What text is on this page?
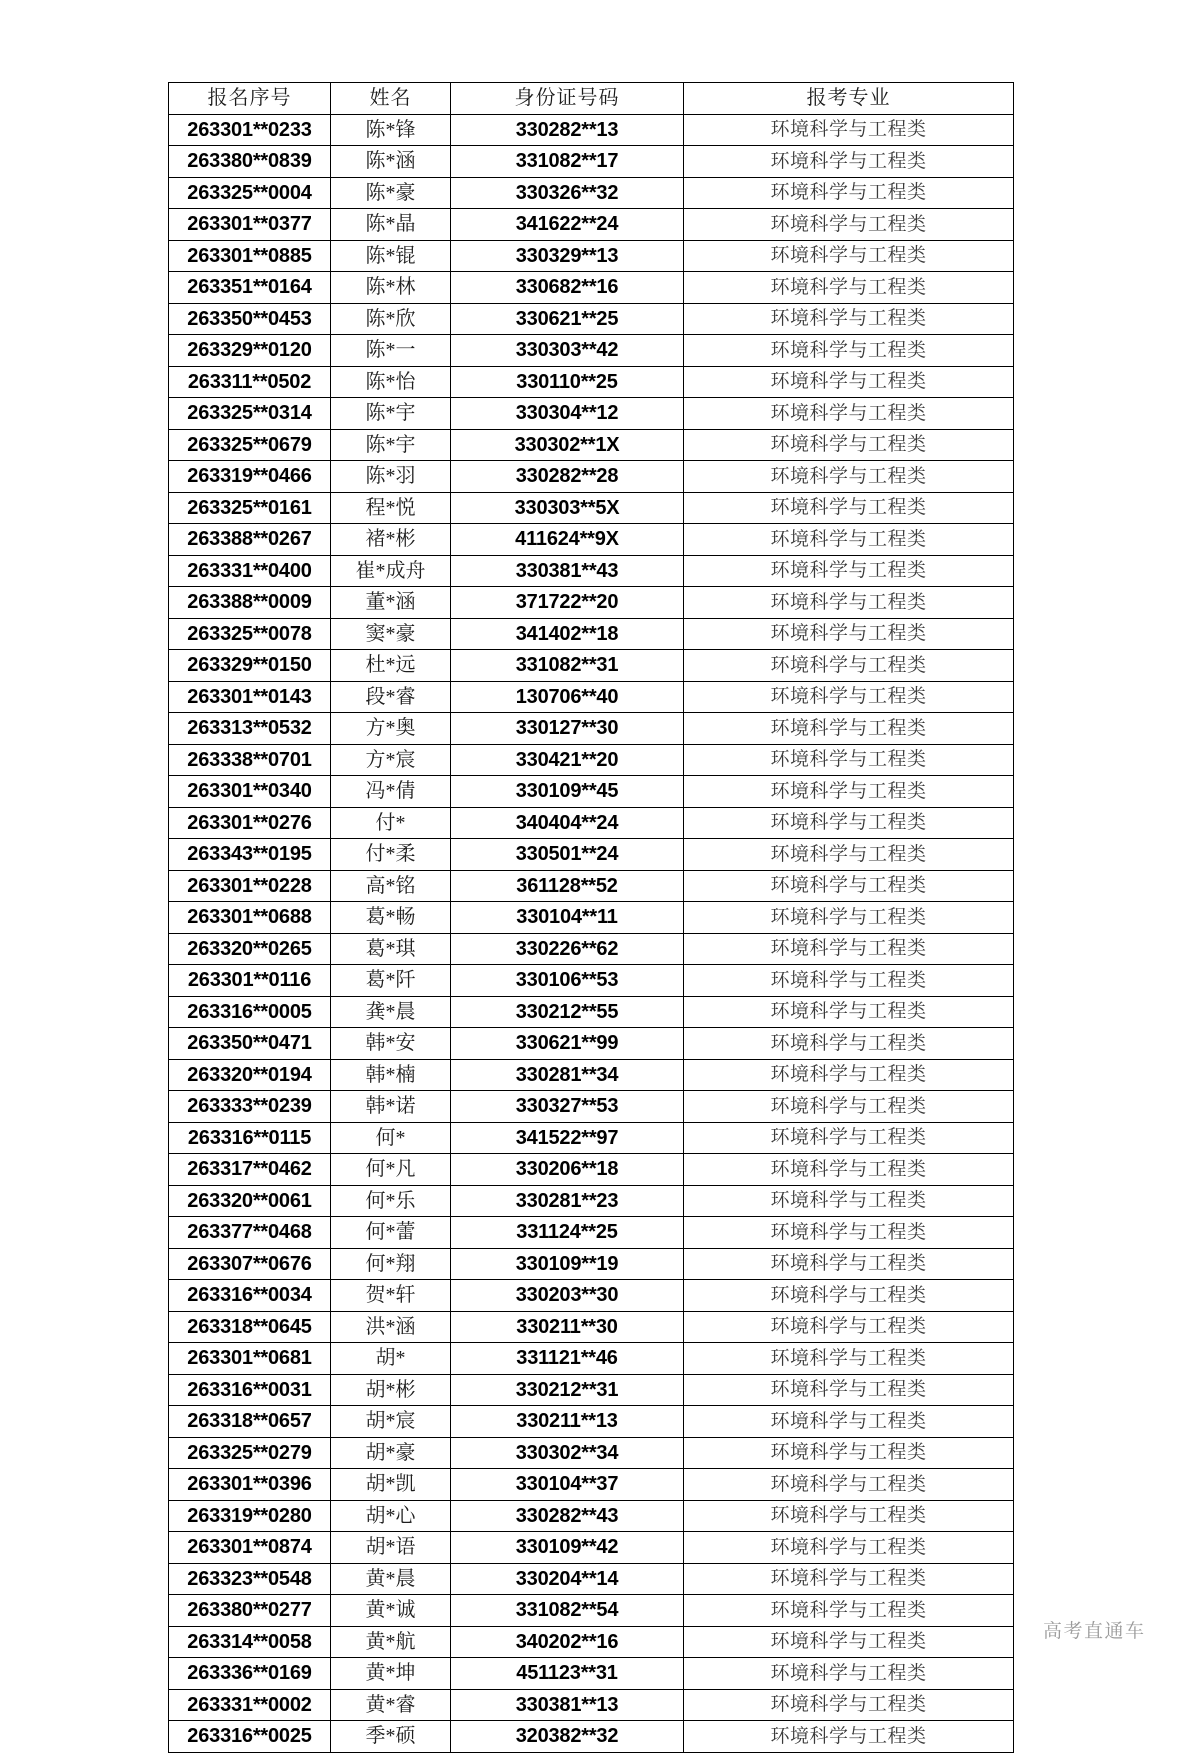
报名序号	姓名	身份证号码	报考专业
263301**0233	陈*锋	330282**13	环境科学与工程类
263380**0839	陈*涵	331082**17	环境科学与工程类
263325**0004	陈*豪	330326**32	环境科学与工程类
263301**0377	陈*晶	341622**24	环境科学与工程类
263301**0885	陈*锟	330329**13	环境科学与工程类
263351**0164	陈*林	330682**16	环境科学与工程类
263350**0453	陈*欣	330621**25	环境科学与工程类
263329**0120	陈*一	330303**42	环境科学与工程类
263311**0502	陈*怡	330110**25	环境科学与工程类
263325**0314	陈*宇	330304**12	环境科学与工程类
263325**0679	陈*宇	330302**1X	环境科学与工程类
263319**0466	陈*羽	330282**28	环境科学与工程类
263325**0161	程*悦	330303**5X	环境科学与工程类
263388**0267	褚*彬	411624**9X	环境科学与工程类
263331**0400	崔*成舟	330381**43	环境科学与工程类
263388**0009	董*涵	371722**20	环境科学与工程类
263325**0078	窦*豪	341402**18	环境科学与工程类
263329**0150	杜*远	331082**31	环境科学与工程类
263301**0143	段*睿	130706**40	环境科学与工程类
263313**0532	方*奥	330127**30	环境科学与工程类
263338**0701	方*宸	330421**20	环境科学与工程类
263301**0340	冯*倩	330109**45	环境科学与工程类
263301**0276	付*	340404**24	环境科学与工程类
263343**0195	付*柔	330501**24	环境科学与工程类
263301**0228	高*铭	361128**52	环境科学与工程类
263301**0688	葛*畅	330104**11	环境科学与工程类
263320**0265	葛*琪	330226**62	环境科学与工程类
263301**0116	葛*阡	330106**53	环境科学与工程类
263316**0005	龚*晨	330212**55	环境科学与工程类
263350**0471	韩*安	330621**99	环境科学与工程类
263320**0194	韩*楠	330281**34	环境科学与工程类
263333**0239	韩*诺	330327**53	环境科学与工程类
263316**0115	何*	341522**97	环境科学与工程类
263317**0462	何*凡	330206**18	环境科学与工程类
263320**0061	何*乐	330281**23	环境科学与工程类
263377**0468	何*蕾	331124**25	环境科学与工程类
263307**0676	何*翔	330109**19	环境科学与工程类
263316**0034	贺*轩	330203**30	环境科学与工程类
263318**0645	洪*涵	330211**30	环境科学与工程类
263301**0681	胡*	331121**46	环境科学与工程类
263316**0031	胡*彬	330212**31	环境科学与工程类
263318**0657	胡*宸	330211**13	环境科学与工程类
263325**0279	胡*豪	330302**34	环境科学与工程类
263301**0396	胡*凯	330104**37	环境科学与工程类
263319**0280	胡*心	330282**43	环境科学与工程类
263301**0874	胡*语	330109**42	环境科学与工程类
263323**0548	黄*晨	330204**14	环境科学与工程类
263380**0277	黄*诚	331082**54	环境科学与工程类
263314**0058	黄*航	340202**16	环境科学与工程类
263336**0169	黄*坤	451123**31	环境科学与工程类
263331**0002	黄*睿	330381**13	环境科学与工程类
263316**0025	季*硕	320382**32	环境科学与工程类
高考直通车
